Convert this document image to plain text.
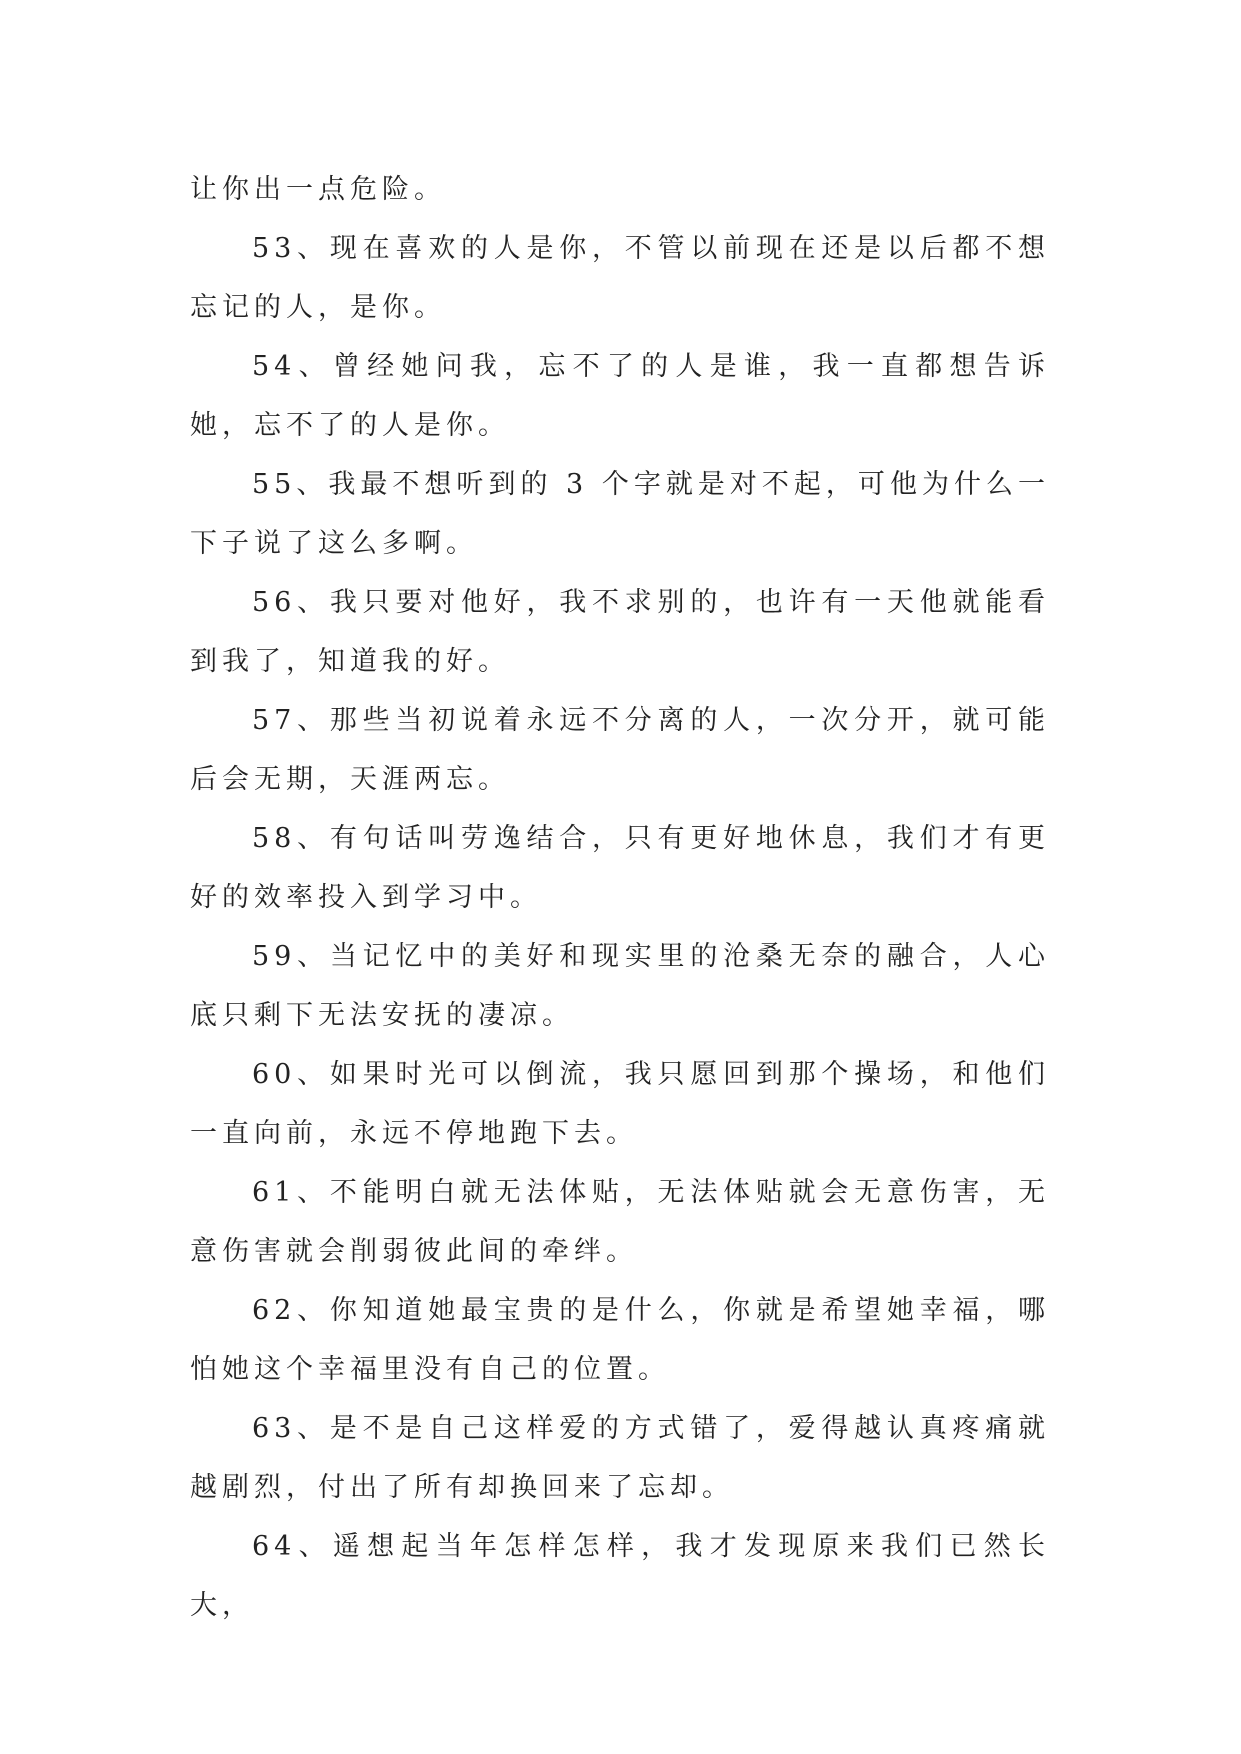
让你出一点危险。

53、现在喜欢的人是你，不管以前现在还是以后都不想忘记的人，是你。

54、曾经她问我，忘不了的人是谁，我一直都想告诉她，忘不了的人是你。

55、我最不想听到的 3 个字就是对不起，可他为什么一下子说了这么多啊。

56、我只要对他好，我不求别的，也许有一天他就能看到我了，知道我的好。

57、那些当初说着永远不分离的人，一次分开，就可能后会无期，天涯两忘。

58、有句话叫劳逸结合，只有更好地休息，我们才有更好的效率投入到学习中。

59、当记忆中的美好和现实里的沧桑无奈的融合，人心底只剩下无法安抚的凄凉。

60、如果时光可以倒流，我只愿回到那个操场，和他们一直向前，永远不停地跑下去。

61、不能明白就无法体贴，无法体贴就会无意伤害，无意伤害就会削弱彼此间的牵绊。

62、你知道她最宝贵的是什么，你就是希望她幸福，哪怕她这个幸福里没有自己的位置。

63、是不是自己这样爱的方式错了，爱得越认真疼痛就越剧烈，付出了所有却换回来了忘却。

64、遥想起当年怎样怎样，我才发现原来我们已然长大，
